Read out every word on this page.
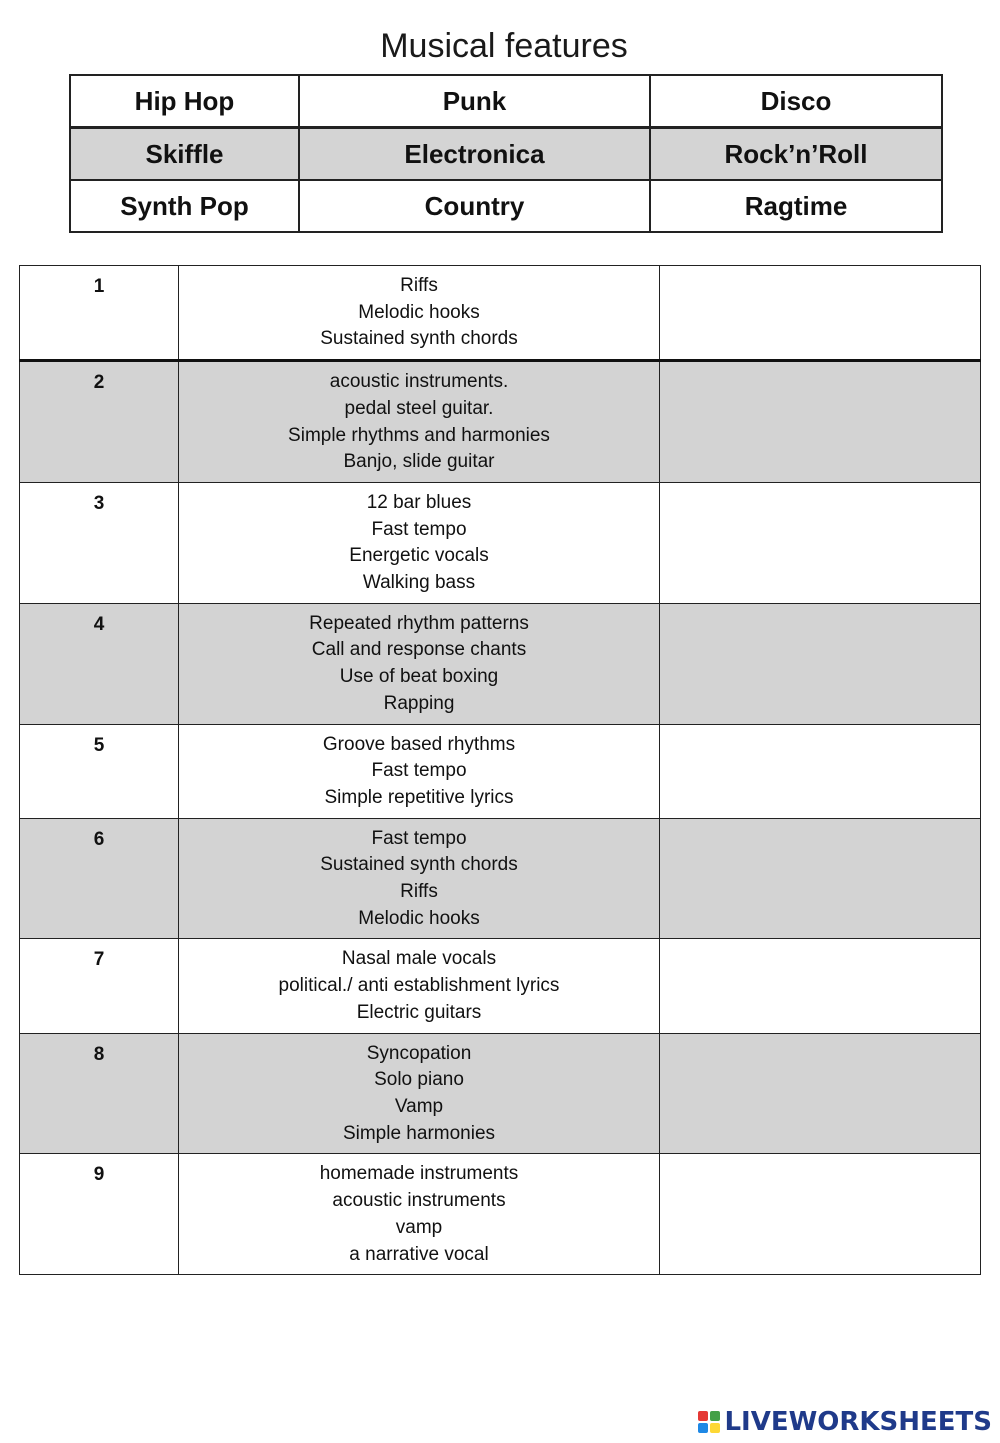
Musical features
Hip Hop	Punk	Disco
Skiffle	Electronica	Rock’n’Roll
Synth Pop	Country	Ragtime
1	Riffs
Melodic hooks
Sustained synth chords	

2	acoustic instruments.
pedal steel guitar.
Simple rhythms and harmonies
Banjo, slide guitar	

3	12 bar blues
Fast tempo
Energetic vocals
Walking bass	

4	Repeated rhythm patterns
Call and response chants
Use of beat boxing
Rapping	

5	Groove based rhythms
Fast tempo
Simple repetitive lyrics	

6	Fast tempo
Sustained synth chords
Riffs
Melodic hooks	

7	Nasal male vocals
political./ anti establishment lyrics
Electric guitars	

8	Syncopation
Solo piano
Vamp
Simple harmonies	

9	homemade instruments
acoustic instruments
vamp
a narrative vocal	

LIVEWORKSHEETS
